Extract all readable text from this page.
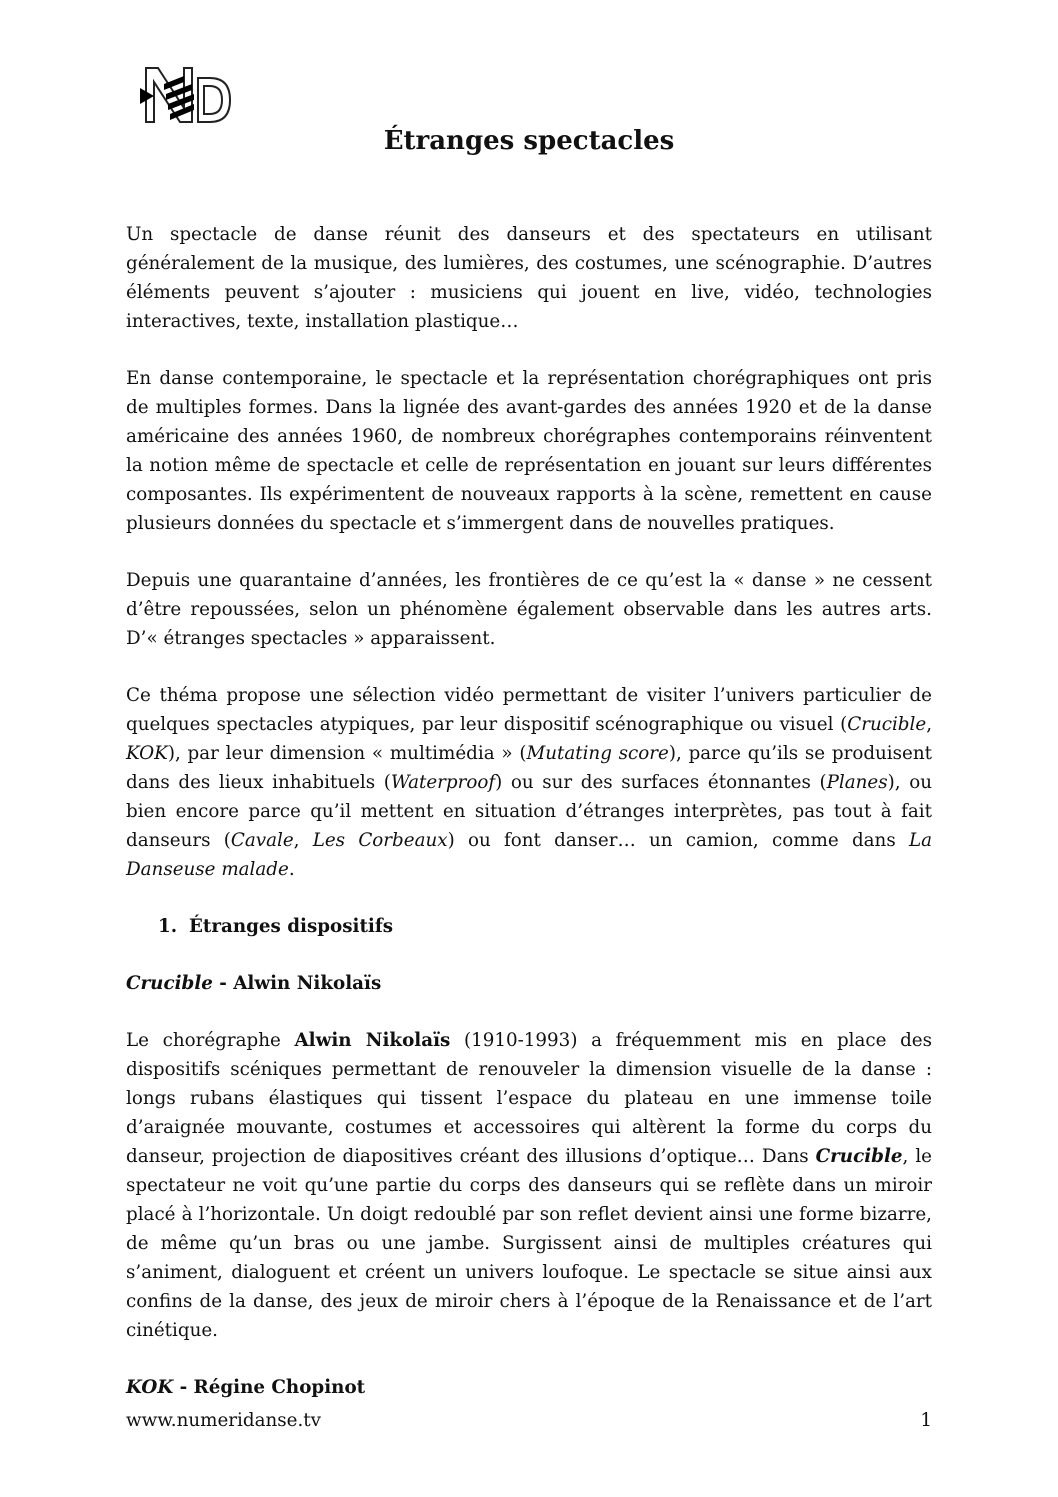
Étranges spectacles

Un spectacle de danse réunit des danseurs et des spectateurs en utilisant généralement de la musique, des lumières, des costumes, une scénographie. D’autres éléments peuvent s’ajouter : musiciens qui jouent en live, vidéo, technologies interactives, texte, installation plastique…

En danse contemporaine, le spectacle et la représentation chorégraphiques ont pris de multiples formes. Dans la lignée des avant-gardes des années 1920 et de la danse américaine des années 1960, de nombreux chorégraphes contemporains réinventent la notion même de spectacle et celle de représentation en jouant sur leurs différentes composantes. Ils expérimentent de nouveaux rapports à la scène, remettent en cause plusieurs données du spectacle et s’immergent dans de nouvelles pratiques.

Depuis une quarantaine d’années, les frontières de ce qu’est la « danse » ne cessent d’être repoussées, selon un phénomène également observable dans les autres arts. D’« étranges spectacles » apparaissent.

Ce théma propose une sélection vidéo permettant de visiter l’univers particulier de quelques spectacles atypiques, par leur dispositif scénographique ou visuel (Crucible, KOK), par leur dimension « multimédia » (Mutating score), parce qu’ils se produisent dans des lieux inhabituels (Waterproof) ou sur des surfaces étonnantes (Planes), ou bien encore parce qu’il mettent en situation d’étranges interprètes, pas tout à fait danseurs (Cavale, Les Corbeaux) ou font danser… un camion, comme dans La Danseuse malade.

1. Étranges dispositifs
Crucible - Alwin Nikolaïs

Le chorégraphe Alwin Nikolaïs (1910-1993) a fréquemment mis en place des dispositifs scéniques permettant de renouveler la dimension visuelle de la danse : longs rubans élastiques qui tissent l’espace du plateau en une immense toile d’araignée mouvante, costumes et accessoires qui altèrent la forme du corps du danseur, projection de diapositives créant des illusions d’optique… Dans Crucible, le spectateur ne voit qu’une partie du corps des danseurs qui se reflète dans un miroir placé à l’horizontale. Un doigt redoublé par son reflet devient ainsi une forme bizarre, de même qu’un bras ou une jambe. Surgissent ainsi de multiples créatures qui s’animent, dialoguent et créent un univers loufoque. Le spectacle se situe ainsi aux confins de la danse, des jeux de miroir chers à l’époque de la Renaissance et de l’art cinétique.

KOK - Régine Chopinot
www.numeridanse.tv	1
